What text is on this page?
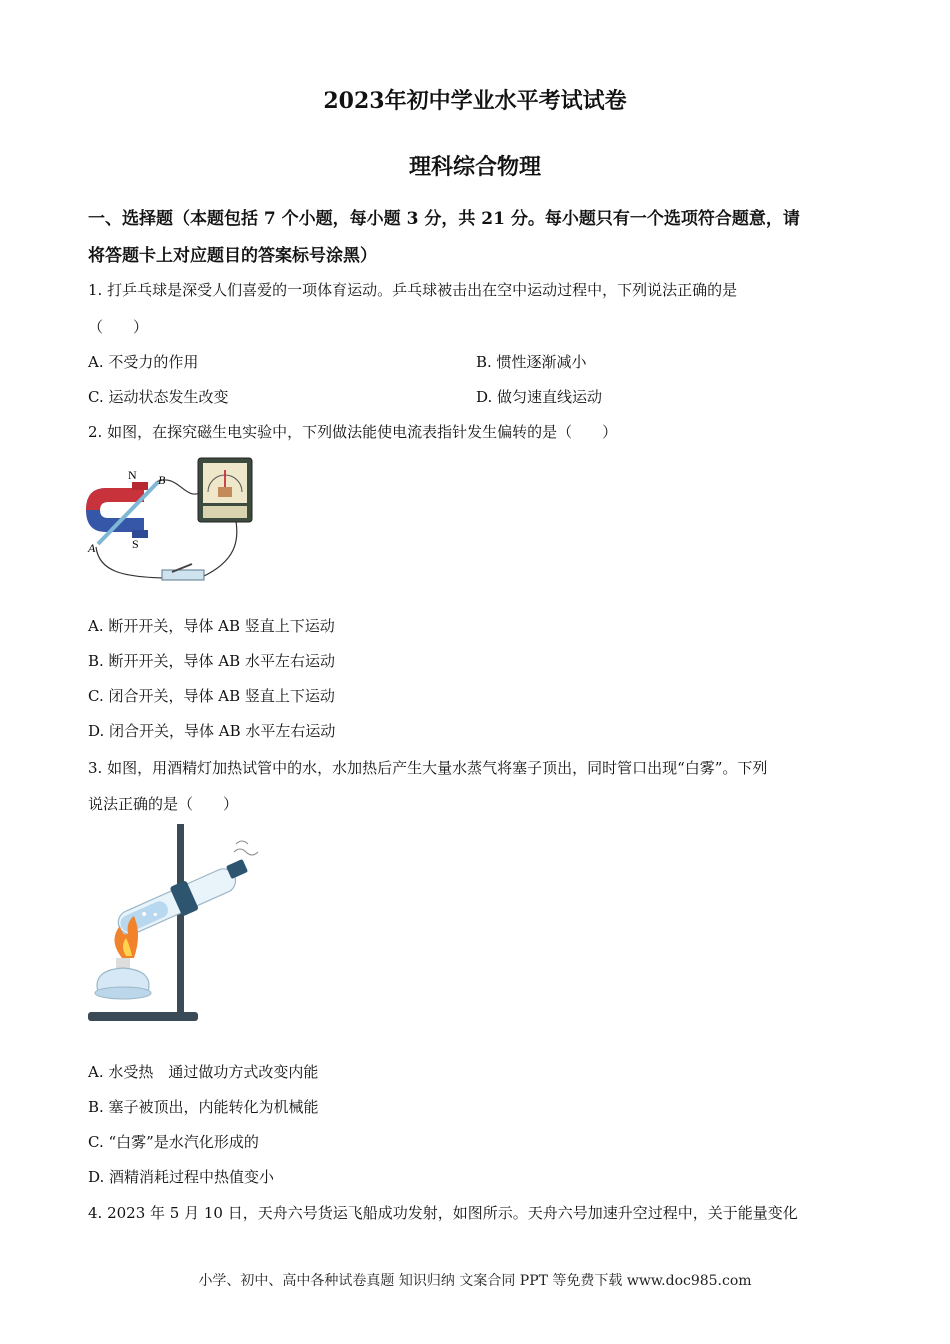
2023年初中学业水平考试试卷
理科综合物理
一、选择题（本题包括 7 个小题，每小题 3 分，共 21 分。每小题只有一个选项符合题意，请
将答题卡上对应题目的答案标号涂黑）
1. 打乒乓球是深受人们喜爱的一项体育运动。乒乓球被击出在空中运动过程中，下列说法正确的是
（　　）
A. 不受力的作用	B. 惯性逐渐减小
C. 运动状态发生改变	D. 做匀速直线运动
2. 如图，在探究磁生电实验中，下列做法能使电流表指针发生偏转的是（　　）
N B
S
A
A. 断开开关，导体 AB 竖直上下运动
B. 断开开关，导体 AB 水平左右运动
C. 闭合开关，导体 AB 竖直上下运动
D. 闭合开关，导体 AB 水平左右运动
3. 如图，用酒精灯加热试管中的水，水加热后产生大量水蒸气将塞子顶出，同时管口出现“白雾”。下列
说法正确的是（　　）
A. 水受热　通过做功方式改变内能
B. 塞子被顶出，内能转化为机械能
C. “白雾”是水汽化形成的
D. 酒精消耗过程中热值变小
4. 2023 年 5 月 10 日，天舟六号货运飞船成功发射，如图所示。天舟六号加速升空过程中，关于能量变化
小学、初中、高中各种试卷真题 知识归纳 文案合同 PPT 等免费下载 www.doc985.com
